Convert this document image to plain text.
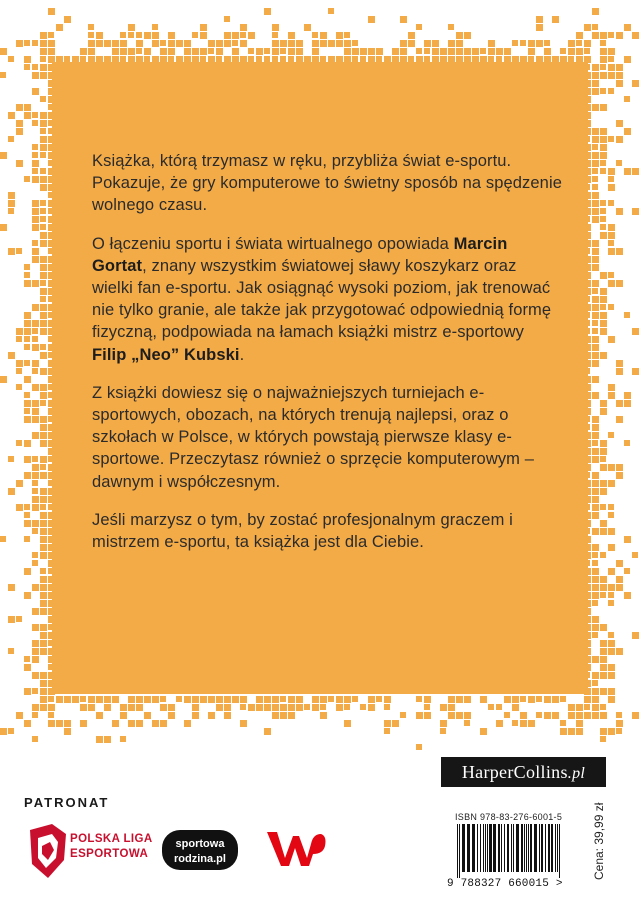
Książka, którą trzymasz w ręku, przybliża świat e-sportu. Pokazuje, że gry komputerowe to świetny sposób na spędzenie wolnego czasu.

O łączeniu sportu i świata wirtualnego opowiada Marcin Gortat, znany wszystkim światowej sławy koszykarz oraz wielki fan e-sportu. Jak osiągnąć wysoki poziom, jak trenować nie tylko granie, ale także jak przygotować odpowiednią formę fizyczną, podpowiada na łamach książki mistrz e-sportowy Filip „Neo” Kubski.

Z książki dowiesz się o najważniejszych turniejach e-sportowych, obozach, na których trenują najlepsi, oraz o szkołach w Polsce, w których powstają pierwsze klasy e-sportowe. Przeczytasz również o sprzęcie komputerowym – dawnym i współczesnym.

Jeśli marzysz o tym, by zostać profesjonalnym graczem i mistrzem e-sportu, ta książka jest dla Ciebie.

HarperCollins.pl
PATRONAT
POLSKA LIGA
ESPORTOWA
sportowa
rodzina.pl
ISBN 978-83-276-6001-5
9 788327 660015 >
Cena: 39,99 zł
